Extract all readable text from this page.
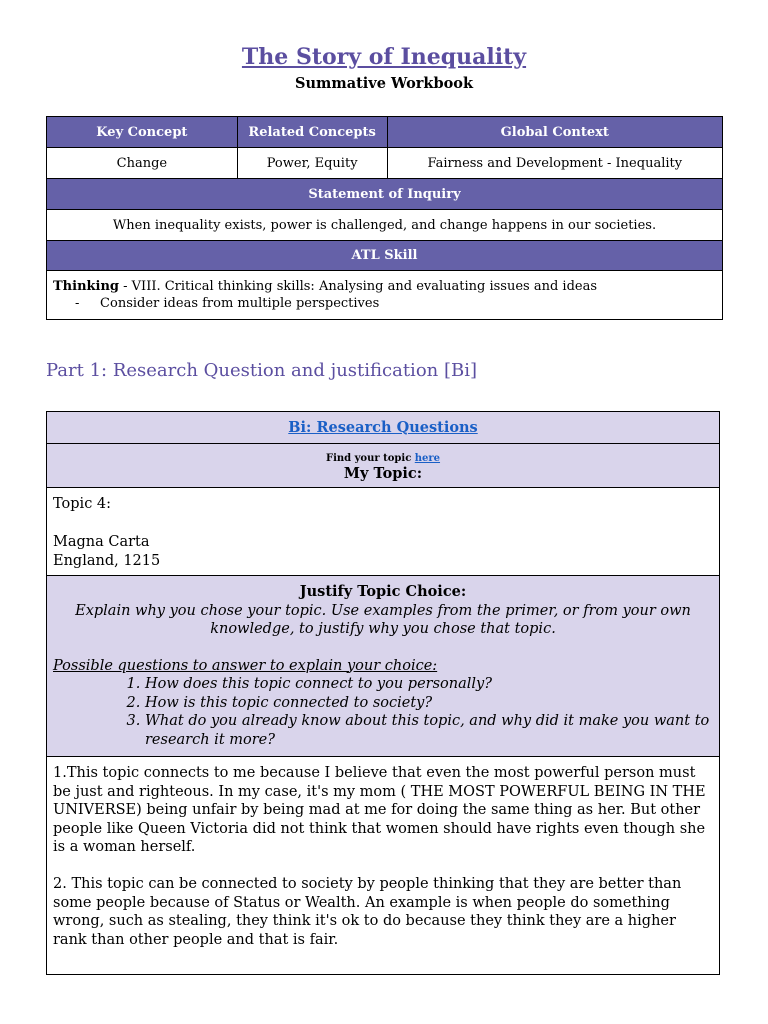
The Story of Inequality
Summative Workbook
Key Concept	Related Concepts	Global Context
Change	Power, Equity	Fairness and Development - Inequality
Statement of Inquiry		
When inequality exists, power is challenged, and change happens in our societies.		
ATL Skill		

Thinking - VIII. Critical thinking skills: Analysing and evaluating issues and ideas
-     Consider ideas from multiple perspectives		
Part 1: Research Question and justification [Bi]
Bi: Research Questions

Find your topic here
My Topic:

Topic 4:
Magna Carta
England, 1215

Justify Topic Choice:
Explain why you chose your topic. Use examples from the primer, or from your own knowledge, to justify why you chose that topic.
Possible questions to answer to explain your choice:
1. How does this topic connect to you personally?
2. How is this topic connected to society?
3. What do you already know about this topic, and why did it make you want to research it more?

1.This topic connects to me because I believe that even the most powerful person must be just and righteous. In my case, it's my mom ( THE MOST POWERFUL BEING IN THE UNIVERSE) being unfair by being mad at me for doing the same thing as her. But other people like Queen Victoria did not think that women should have rights even though she is a woman herself.
2. This topic can be connected to society by people thinking that they are better than some people because of Status or Wealth. An example is when people do something wrong, such as stealing, they think it's ok to do because they think they are a higher rank than other people and that is fair.
